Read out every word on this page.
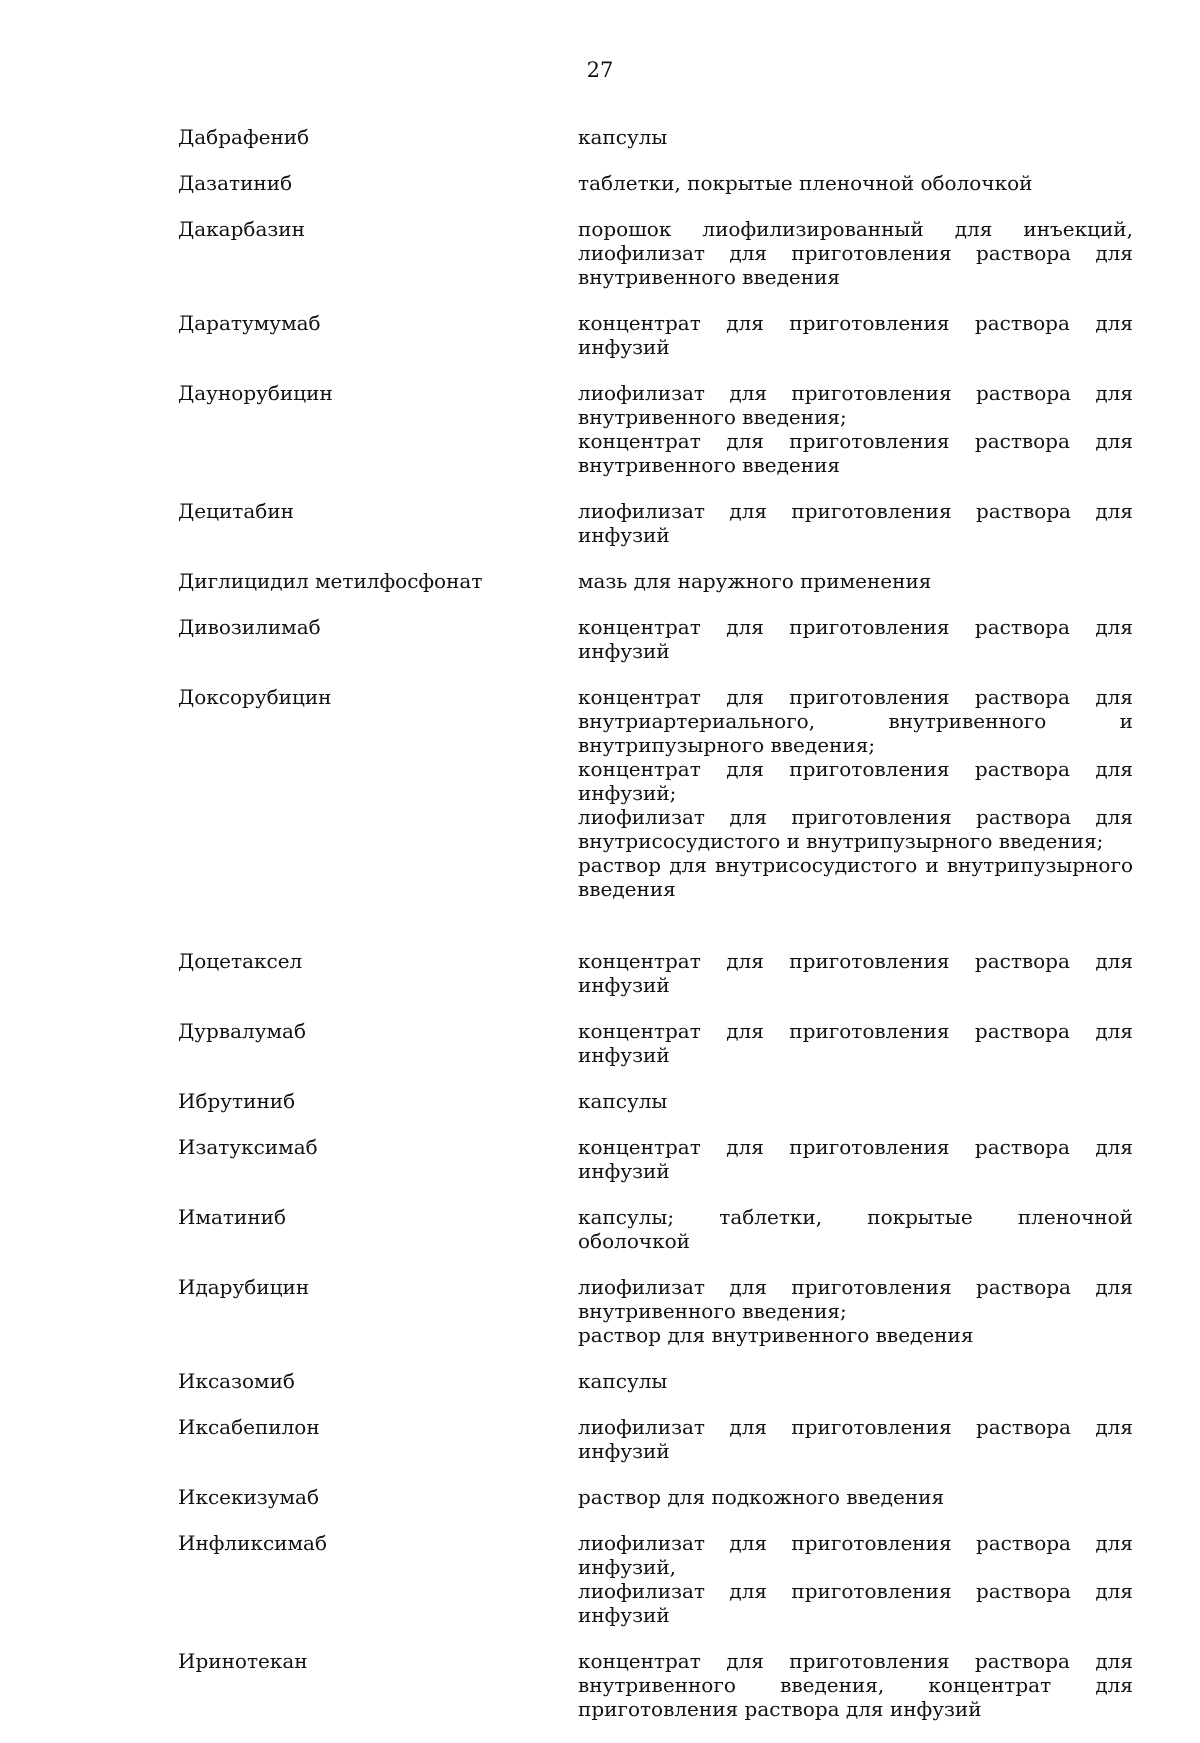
27
Дабрафениб	капсулы
Дазатиниб	таблетки, покрытые пленочной оболочкой
Дакарбазин	порошок лиофилизированный для инъекций, лиофилизат для приготовления раствора для внутривенного введения
Даратумумаб	концентрат для приготовления раствора для инфузий
Даунорубицин	лиофилизат для приготовления раствора для внутривенного введения;
концентрат для приготовления раствора для внутривенного введения
Децитабин	лиофилизат для приготовления раствора для инфузий
Диглицидил метилфосфонат	мазь для наружного применения
Дивозилимаб	концентрат для приготовления раствора для инфузий
Доксорубицин	концентрат для приготовления раствора для внутриартериального, внутривенного и внутрипузырного введения;
концентрат для приготовления раствора для инфузий;
лиофилизат для приготовления раствора для внутрисосудистого и внутрипузырного введения;
раствор для внутрисосудистого и внутрипузырного введения
Доцетаксел	концентрат для приготовления раствора для инфузий
Дурвалумаб	концентрат для приготовления раствора для инфузий
Ибрутиниб	капсулы
Изатуксимаб	концентрат для приготовления раствора для инфузий
Иматиниб	капсулы; таблетки, покрытые пленочной оболочкой
Идарубицин	лиофилизат для приготовления раствора для внутривенного введения;
раствор для внутривенного введения
Иксазомиб	капсулы
Иксабепилон	лиофилизат для приготовления раствора для инфузий
Иксекизумаб	раствор для подкожного введения
Инфликсимаб	лиофилизат для приготовления раствора для инфузий,
лиофилизат для приготовления раствора для инфузий
Иринотекан	концентрат для приготовления раствора для внутривенного введения, концентрат для приготовления раствора для инфузий
